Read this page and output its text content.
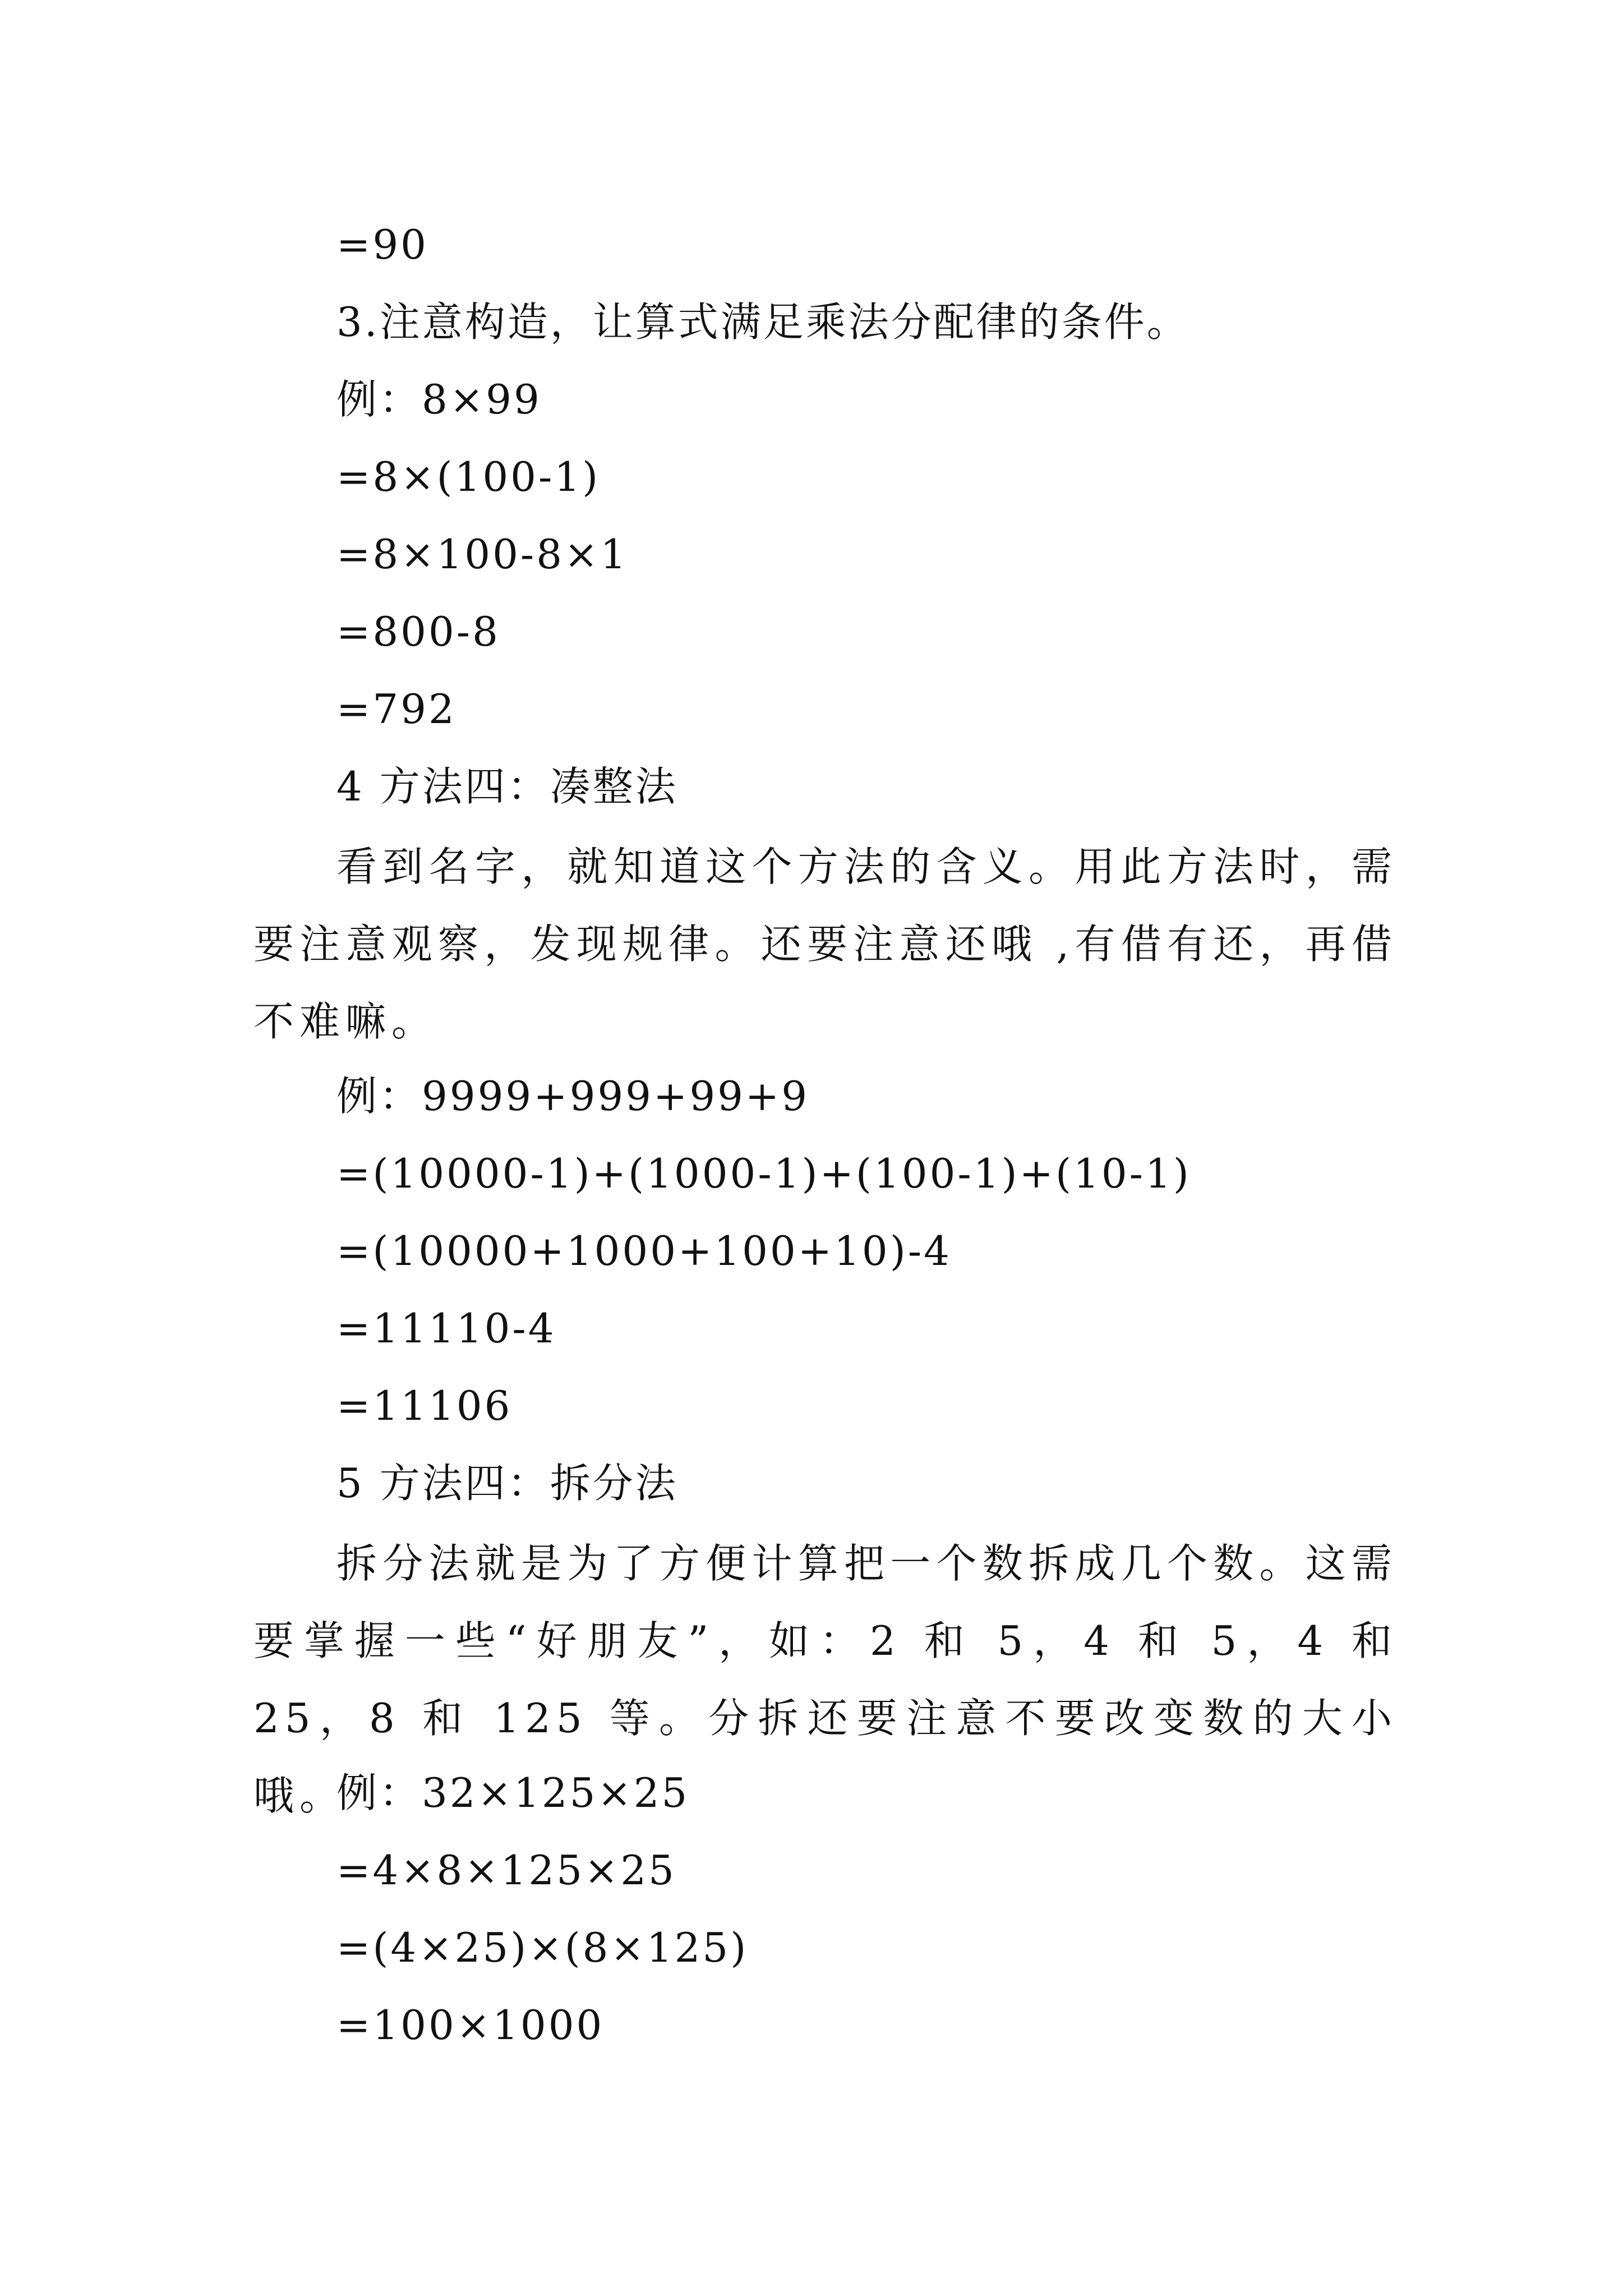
=90
3.注意构造，让算式满足乘法分配律的条件。
例：8×99
=8×(100-1)
=8×100-8×1
=800-8
=792
4 方法四：凑整法
看到名字，就知道这个方法的含义。用此方法时，需要注意观察，发现规律。还要注意还哦 ,有借有还，再借不难嘛。
例：9999+999+99+9
=(10000-1)+(1000-1)+(100-1)+(10-1)
=(10000+1000+100+10)-4
=11110-4
=11106
5 方法四：拆分法
拆分法就是为了方便计算把一个数拆成几个数。这需要掌握一些“好朋友”，如：2 和 5，4 和 5，4 和 25，8 和 125 等。分拆还要注意不要改变数的大小哦。
例：32×125×25
=4×8×125×25
=(4×25)×(8×125)
=100×1000
